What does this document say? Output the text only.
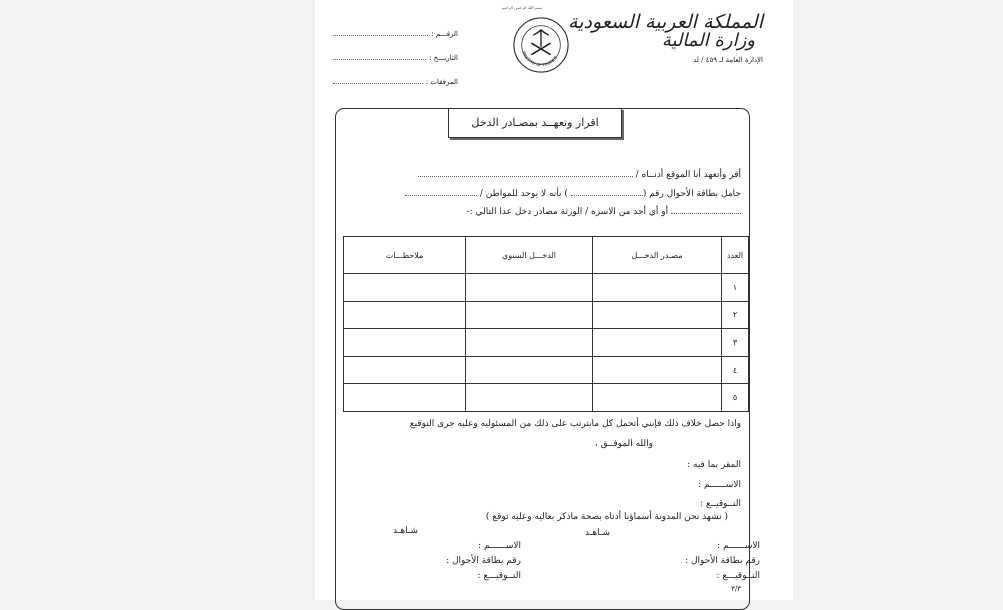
بسم الله الرحمن الرحيم
المملكة العربية السعودية
وزارة المالية
الإدارة العامة لـ ٤٥٩ / لد
MINISTRY OF FINANCE
الرقـــم :
التاريـــخ :
المرفقات :
اقرار وتعهــد بمصـادر الدخل
أقر وأتعهد أنا الموقع أدنــاه /
حامل بطاقة الأحوال رقم ( ) بأنه لا يوجد للمواطن /
أو أي أحد من الاسره / الورثة مصادر دخل عدا التالي :-
العدد	مصـدر الدخـــل	الدخـــل السنوي	ملاحظـــات
١			
٢			
٣			
٤			
٥			
واذا حصل خلاف ذلك فإنني أتحمل كل مايترتب على ذلك من المسئوليه وعليه جرى التوقيع
والله الموفــق ،
المقر بما فيه :
الاســــــم :
التــوقيــع :
( نشهد نحن المدونة أسماؤنا أدناه بصحة ماذكر بعاليه وعليه نوقع )
شـاهـد	شـاهـد
الاســــــم :
رقم بطاقة الأحوال :
التــوقيـــع :
الاســــــم :
رقم بطاقة الأحوال :
التــوقيـــع :
٣/٣
